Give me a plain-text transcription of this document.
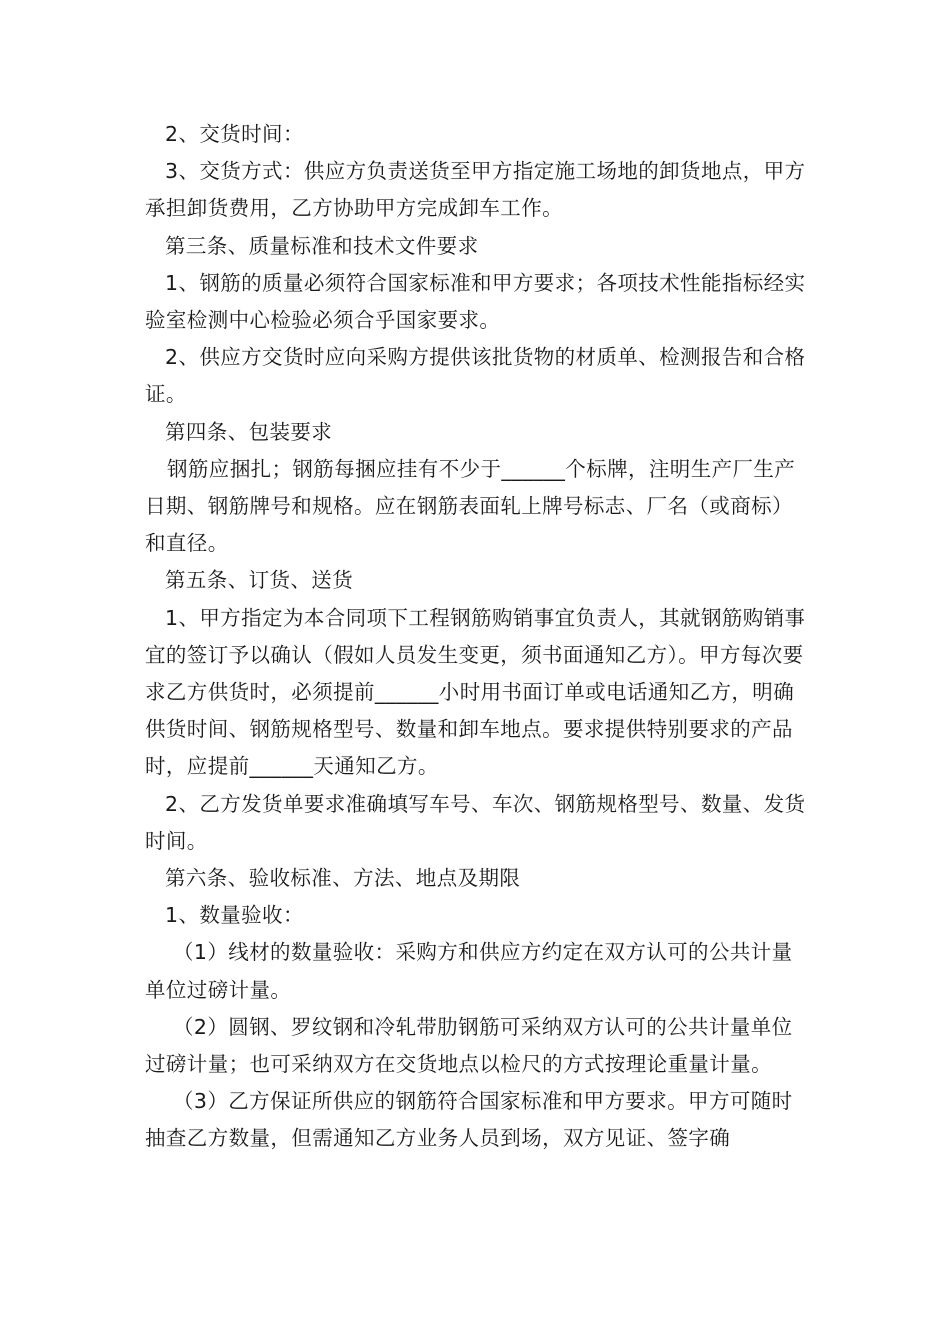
2、交货时间：

3、交货方式：供应方负责送货至甲方指定施工场地的卸货地点，甲方承担卸货费用，乙方协助甲方完成卸车工作。

第三条、质量标准和技术文件要求

1、钢筋的质量必须符合国家标准和甲方要求；各项技术性能指标经实验室检测中心检验必须合乎国家要求。

2、供应方交货时应向采购方提供该批货物的材质单、检测报告和合格证。

第四条、包装要求

钢筋应捆扎；钢筋每捆应挂有不少于______个标牌，注明生产厂生产日期、钢筋牌号和规格。应在钢筋表面轧上牌号标志、厂名（或商标）和直径。

第五条、订货、送货

1、甲方指定为本合同项下工程钢筋购销事宜负责人，其就钢筋购销事宜的签订予以确认（假如人员发生变更，须书面通知乙方）。甲方每次要求乙方供货时，必须提前______小时用书面订单或电话通知乙方，明确供货时间、钢筋规格型号、数量和卸车地点。要求提供特别要求的产品时，应提前______天通知乙方。

2、乙方发货单要求准确填写车号、车次、钢筋规格型号、数量、发货时间。

第六条、验收标准、方法、地点及期限

1、数量验收：

（1）线材的数量验收：采购方和供应方约定在双方认可的公共计量单位过磅计量。

（2）圆钢、罗纹钢和冷轧带肋钢筋可采纳双方认可的公共计量单位过磅计量；也可采纳双方在交货地点以检尺的方式按理论重量计量。

（3）乙方保证所供应的钢筋符合国家标准和甲方要求。甲方可随时抽查乙方数量，但需通知乙方业务人员到场，双方见证、签字确
